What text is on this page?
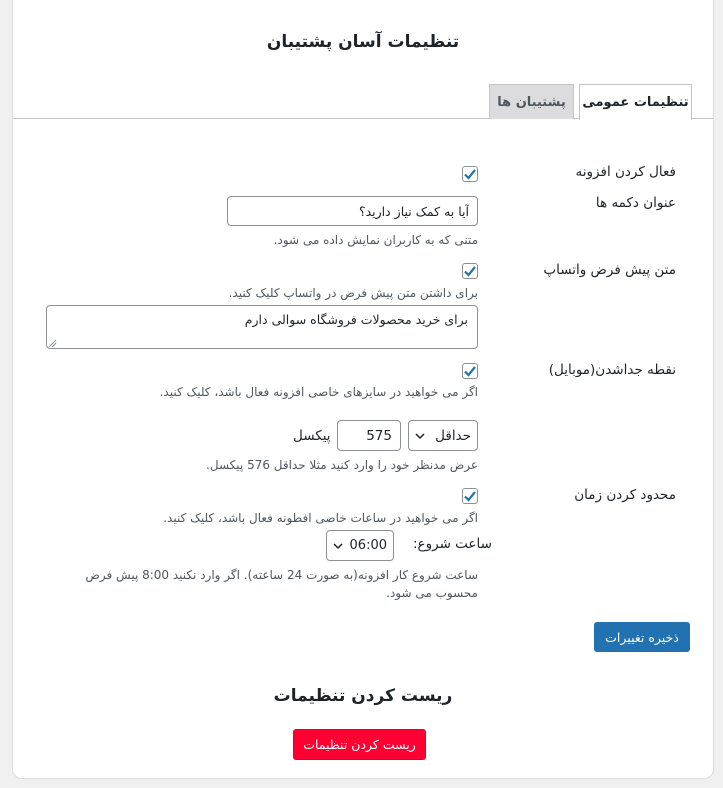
تنظیمات آسان پشتیبان
تنظیمات عمومی
پشتیبان ها
فعال کردن افزونه
عنوان دکمه ها
آیا به کمک نیاز دارید؟
متنی که به کاربران نمایش داده می شود.
متن پیش فرض واتساپ
برای داشتن متن پیش فرض در واتساپ کلیک کنید.
برای خرید محصولات فروشگاه سوالی دارم
نقطه جداشدن(موبایل)
اگر می خواهید در سایزهای خاصی افزونه فعال باشد، کلیک کنید.
حداقل
575
پیکسل
عرض مدنظر خود را وارد کنید مثلا حداقل 576 پیکسل.
محدود کردن زمان
اگر می خواهید در ساعات خاصی افطونه فعال باشد، کلیک کنید.
ساعت شروع:
06:00
ساعت شروع کار افزونه(به صورت 24 ساعته). اگر وارد نکنید 8:00 پیش فرض
محسوب می شود.
ذخیره تغییرات
ریست کردن تنظیمات
ریست کردن تنظیمات
